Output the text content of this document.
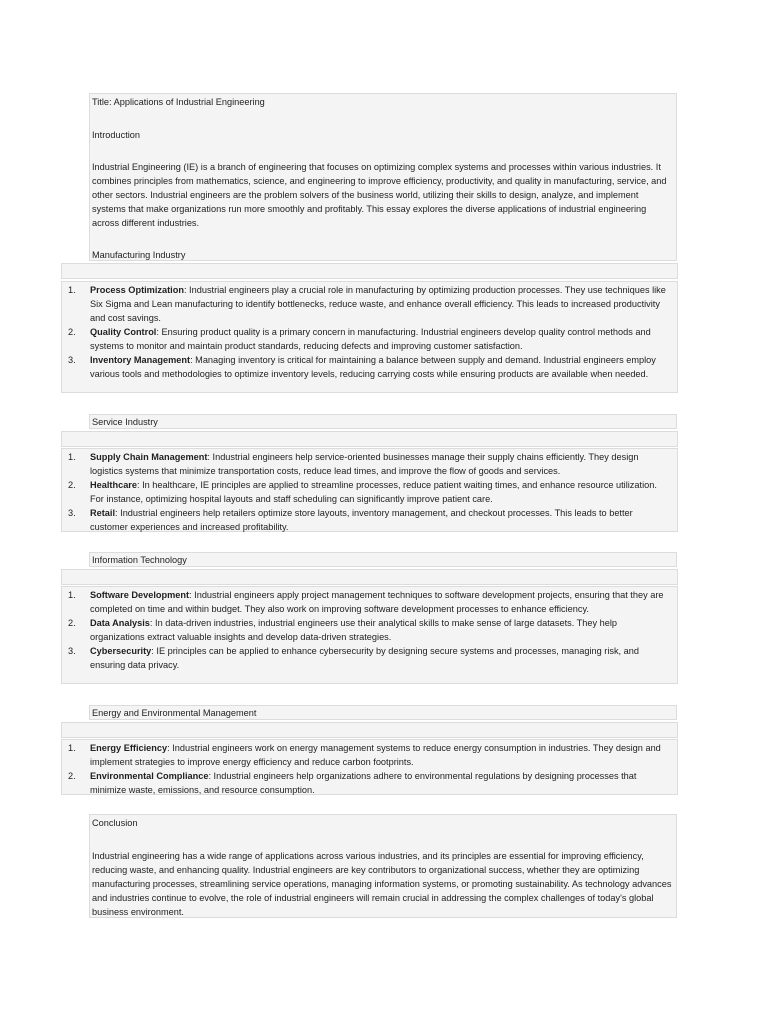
Title: Applications of Industrial Engineering
Introduction

Industrial Engineering (IE) is a branch of engineering that focuses on optimizing complex systems and processes within various industries. It combines principles from mathematics, science, and engineering to improve efficiency, productivity, and quality in manufacturing, service, and other sectors. Industrial engineers are the problem solvers of the business world, utilizing their skills to design, analyze, and implement systems that make organizations run more smoothly and profitably. This essay explores the diverse applications of industrial engineering across different industries.

Manufacturing Industry
1. Process Optimization: Industrial engineers play a crucial role in manufacturing by optimizing production processes. They use techniques like Six Sigma and Lean manufacturing to identify bottlenecks, reduce waste, and enhance overall efficiency. This leads to increased productivity and cost savings.
2. Quality Control: Ensuring product quality is a primary concern in manufacturing. Industrial engineers develop quality control methods and systems to monitor and maintain product standards, reducing defects and improving customer satisfaction.
3. Inventory Management: Managing inventory is critical for maintaining a balance between supply and demand. Industrial engineers employ various tools and methodologies to optimize inventory levels, reducing carrying costs while ensuring products are available when needed.
Service Industry
1. Supply Chain Management: Industrial engineers help service-oriented businesses manage their supply chains efficiently. They design logistics systems that minimize transportation costs, reduce lead times, and improve the flow of goods and services.
2. Healthcare: In healthcare, IE principles are applied to streamline processes, reduce patient waiting times, and enhance resource utilization. For instance, optimizing hospital layouts and staff scheduling can significantly improve patient care.
3. Retail: Industrial engineers help retailers optimize store layouts, inventory management, and checkout processes. This leads to better customer experiences and increased profitability.
Information Technology
1. Software Development: Industrial engineers apply project management techniques to software development projects, ensuring that they are completed on time and within budget. They also work on improving software development processes to enhance efficiency.
2. Data Analysis: In data-driven industries, industrial engineers use their analytical skills to make sense of large datasets. They help organizations extract valuable insights and develop data-driven strategies.
3. Cybersecurity: IE principles can be applied to enhance cybersecurity by designing secure systems and processes, managing risk, and ensuring data privacy.
Energy and Environmental Management
1. Energy Efficiency: Industrial engineers work on energy management systems to reduce energy consumption in industries. They design and implement strategies to improve energy efficiency and reduce carbon footprints.
2. Environmental Compliance: Industrial engineers help organizations adhere to environmental regulations by designing processes that minimize waste, emissions, and resource consumption.
Conclusion

Industrial engineering has a wide range of applications across various industries, and its principles are essential for improving efficiency, reducing waste, and enhancing quality. Industrial engineers are key contributors to organizational success, whether they are optimizing manufacturing processes, streamlining service operations, managing information systems, or promoting sustainability. As technology advances and industries continue to evolve, the role of industrial engineers will remain crucial in addressing the complex challenges of today's global business environment.
